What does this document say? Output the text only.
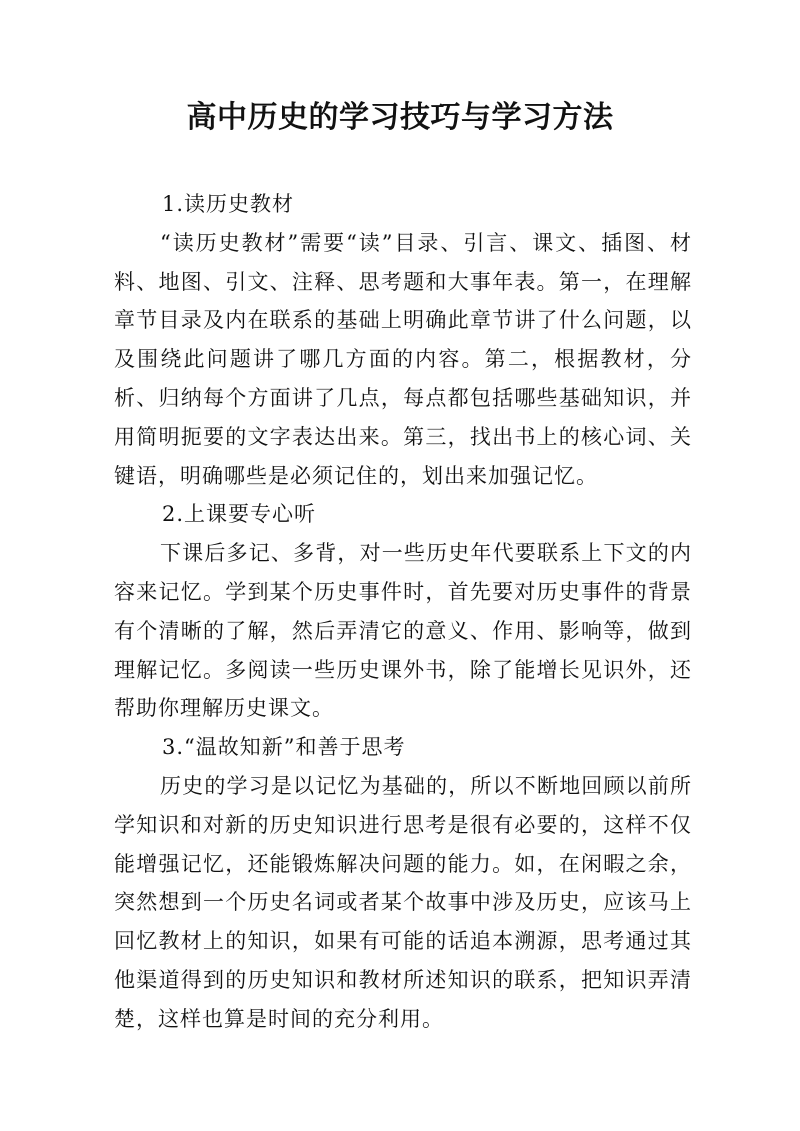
高中历史的学习技巧与学习方法

1.读历史教材

“读历史教材”需要“读”目录、引言、课文、插图、材料、地图、引文、注释、思考题和大事年表。第一，在理解章节目录及内在联系的基础上明确此章节讲了什么问题，以及围绕此问题讲了哪几方面的内容。第二，根据教材，分析、归纳每个方面讲了几点，每点都包括哪些基础知识，并用简明扼要的文字表达出来。第三，找出书上的核心词、关键语，明确哪些是必须记住的，划出来加强记忆。

2.上课要专心听

下课后多记、多背，对一些历史年代要联系上下文的内容来记忆。学到某个历史事件时，首先要对历史事件的背景有个清晰的了解，然后弄清它的意义、作用、影响等，做到理解记忆。多阅读一些历史课外书，除了能增长见识外，还帮助你理解历史课文。

3.“温故知新”和善于思考

历史的学习是以记忆为基础的，所以不断地回顾以前所学知识和对新的历史知识进行思考是很有必要的，这样不仅能增强记忆，还能锻炼解决问题的能力。如，在闲暇之余，突然想到一个历史名词或者某个故事中涉及历史，应该马上回忆教材上的知识，如果有可能的话追本溯源，思考通过其他渠道得到的历史知识和教材所述知识的联系，把知识弄清楚，这样也算是时间的充分利用。
